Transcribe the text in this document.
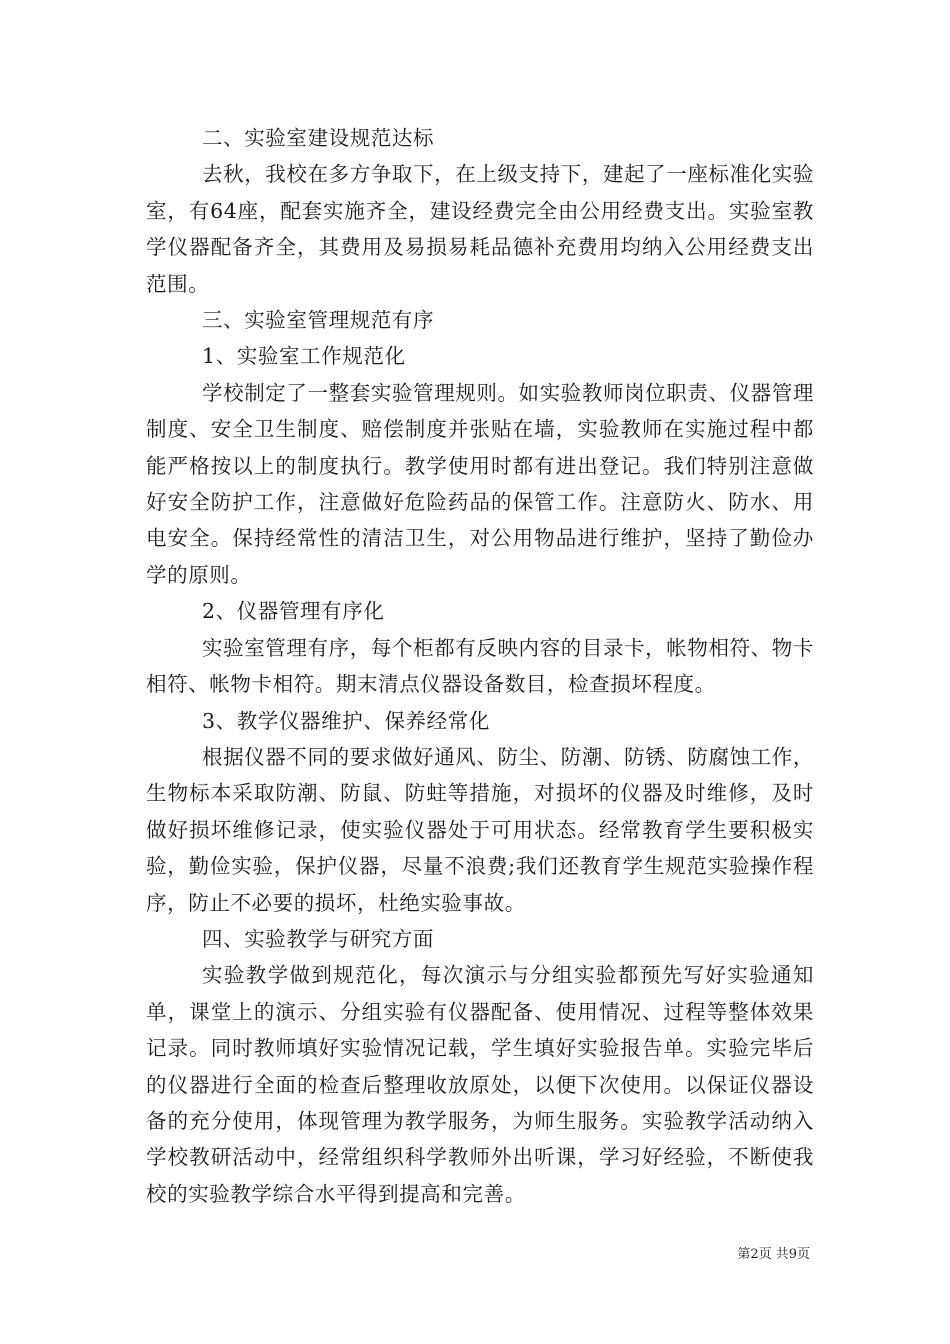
二、实验室建设规范达标

去秋，我校在多方争取下，在上级支持下，建起了一座标准化实验室，有64座，配套实施齐全，建设经费完全由公用经费支出。实验室教学仪器配备齐全，其费用及易损易耗品德补充费用均纳入公用经费支出范围。

三、实验室管理规范有序

1、实验室工作规范化

学校制定了一整套实验管理规则。如实验教师岗位职责、仪器管理制度、安全卫生制度、赔偿制度并张贴在墙，实验教师在实施过程中都能严格按以上的制度执行。教学使用时都有进出登记。我们特别注意做好安全防护工作，注意做好危险药品的保管工作。注意防火、防水、用电安全。保持经常性的清洁卫生，对公用物品进行维护，坚持了勤俭办学的原则。

2、仪器管理有序化

实验室管理有序，每个柜都有反映内容的目录卡，帐物相符、物卡相符、帐物卡相符。期末清点仪器设备数目，检查损坏程度。

3、教学仪器维护、保养经常化

根据仪器不同的要求做好通风、防尘、防潮、防锈、防腐蚀工作，生物标本采取防潮、防鼠、防蛀等措施，对损坏的仪器及时维修，及时做好损坏维修记录，使实验仪器处于可用状态。经常教育学生要积极实验，勤俭实验，保护仪器，尽量不浪费;我们还教育学生规范实验操作程序，防止不必要的损坏，杜绝实验事故。

四、实验教学与研究方面

实验教学做到规范化，每次演示与分组实验都预先写好实验通知单，课堂上的演示、分组实验有仪器配备、使用情况、过程等整体效果记录。同时教师填好实验情况记载，学生填好实验报告单。实验完毕后的仪器进行全面的检查后整理收放原处，以便下次使用。以保证仪器设备的充分使用，体现管理为教学服务，为师生服务。实验教学活动纳入学校教研活动中，经常组织科学教师外出听课，学习好经验，不断使我校的实验教学综合水平得到提高和完善。

第2页 共9页
